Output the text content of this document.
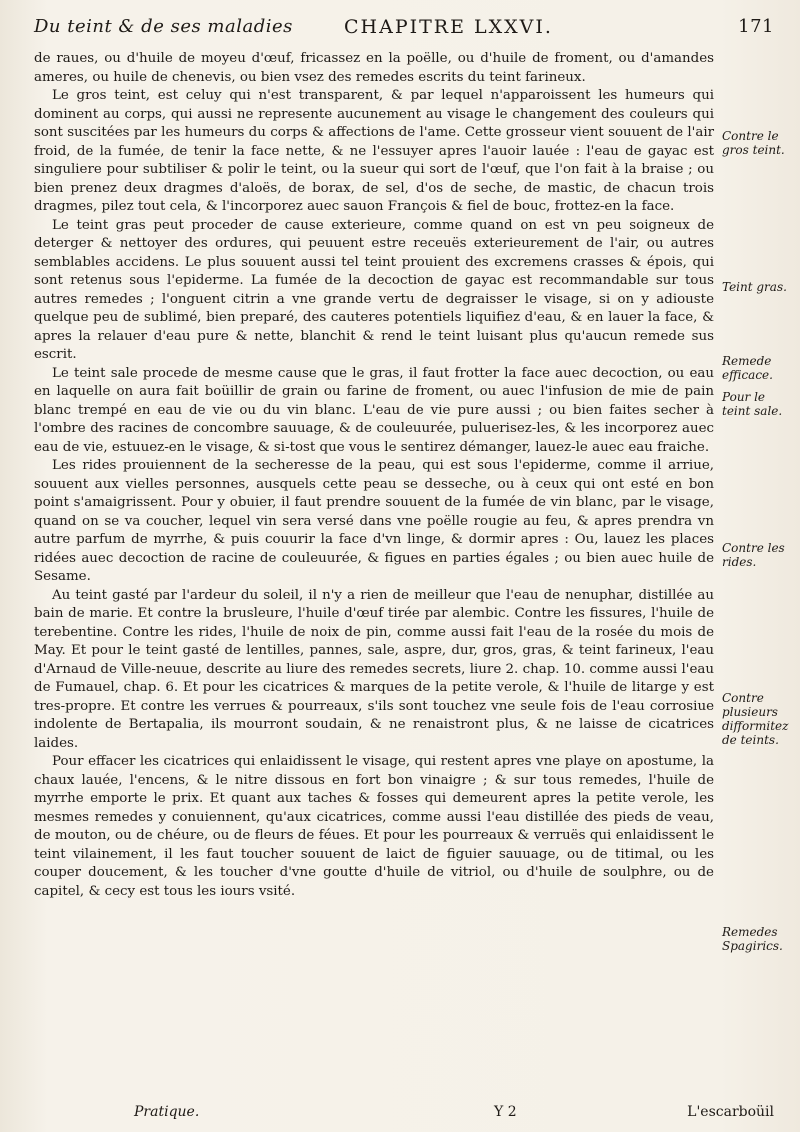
Du teint & de ses maladies	CHAPITRE LXXVI.	171

de raues, ou d'huile de moyeu d'œuf, fricassez en la poëlle, ou d'huile de froment, ou d'amandes ameres, ou huile de chenevis, ou bien vsez des remedes escrits du teint farineux.

Le gros teint, est celuy qui n'est transparent, & par lequel n'apparoissent les humeurs qui dominent au corps, qui aussi ne represente aucunement au visage le changement des couleurs qui sont suscitées par les humeurs du corps & affections de l'ame. Cette grosseur vient souuent de l'air froid, de la fumée, de tenir la face nette, & ne l'essuyer apres l'auoir lauée : l'eau de gayac est singuliere pour subtiliser & polir le teint, ou la sueur qui sort de l'œuf, que l'on fait à la braise ; ou bien prenez deux dragmes d'aloës, de borax, de sel, d'os de seche, de mastic, de chacun trois dragmes, pilez tout cela, & l'incorporez auec sauon François & fiel de bouc, frottez-en la face.

Le teint gras peut proceder de cause exterieure, comme quand on est vn peu soigneux de deterger & nettoyer des ordures, qui peuuent estre receuës exterieurement de l'air, ou autres semblables accidens. Le plus souuent aussi tel teint prouient des excremens crasses & épois, qui sont retenus sous l'epiderme. La fumée de la decoction de gayac est recommandable sur tous autres remedes ; l'onguent citrin a vne grande vertu de degraisser le visage, si on y adiouste quelque peu de sublimé, bien preparé, des cauteres potentiels liquifiez d'eau, & en lauer la face, & apres la relauer d'eau pure & nette, blanchit & rend le teint luisant plus qu'aucun remede sus escrit.

Le teint sale procede de mesme cause que le gras, il faut frotter la face auec decoction, ou eau en laquelle on aura fait boüillir de grain ou farine de froment, ou auec l'infusion de mie de pain blanc trempé en eau de vie ou du vin blanc. L'eau de vie pure aussi ; ou bien faites secher à l'ombre des racines de concombre sauuage, & de couleuurée, puluerisez-les, & les incorporez auec eau de vie, estuuez-en le visage, & si-tost que vous le sentirez démanger, lauez-le auec eau fraiche.

Les rides prouiennent de la secheresse de la peau, qui est sous l'epiderme, comme il arriue, souuent aux vielles personnes, ausquels cette peau se desseche, ou à ceux qui ont esté en bon point s'amaigrissent. Pour y obuier, il faut prendre souuent de la fumée de vin blanc, par le visage, quand on se va coucher, lequel vin sera versé dans vne poëlle rougie au feu, & apres prendra vn autre parfum de myrrhe, & puis couurir la face d'vn linge, & dormir apres : Ou, lauez les places ridées auec decoction de racine de couleuurée, & figues en parties égales ; ou bien auec huile de Sesame.

Au teint gasté par l'ardeur du soleil, il n'y a rien de meilleur que l'eau de nenuphar, distillée au bain de marie. Et contre la brusleure, l'huile d'œuf tirée par alembic. Contre les fissures, l'huile de terebentine. Contre les rides, l'huile de noix de pin, comme aussi fait l'eau de la rosée du mois de May. Et pour le teint gasté de lentilles, pannes, sale, aspre, dur, gros, gras, & teint farineux, l'eau d'Arnaud de Ville-neuue, descrite au liure des remedes secrets, liure 2. chap. 10. comme aussi l'eau de Fumauel, chap. 6. Et pour les cicatrices & marques de la petite verole, & l'huile de litarge y est tres-propre. Et contre les verrues & pourreaux, s'ils sont touchez vne seule fois de l'eau corrosiue indolente de Bertapalia, ils mourront soudain, & ne renaistront plus, & ne laisse de cicatrices laides.

Pour effacer les cicatrices qui enlaidissent le visage, qui restent apres vne playe on apostume, la chaux lauée, l'encens, & le nitre dissous en fort bon vinaigre ; & sur tous remedes, l'huile de myrrhe emporte le prix. Et quant aux taches & fosses qui demeurent apres la petite verole, les mesmes remedes y conuiennent, qu'aux cicatrices, comme aussi l'eau distillée des pieds de veau, de mouton, ou de chéure, ou de fleurs de féues. Et pour les pourreaux & verruës qui enlaidissent le teint vilainement, il les faut toucher souuent de laict de figuier sauuage, ou de titimal, ou les couper doucement, & les toucher d'vne goutte d'huile de vitriol, ou d'huile de soulphre, ou de capitel, & cecy est tous les iours vsité.

Contre le gros teint.
Teint gras.
Remede efficace.
Pour le teint sale.
Contre les rides.
Contre plusieurs difformitez de teints.
Remedes Spagirics.
Pratique.	Y 2	L'escarboüil
